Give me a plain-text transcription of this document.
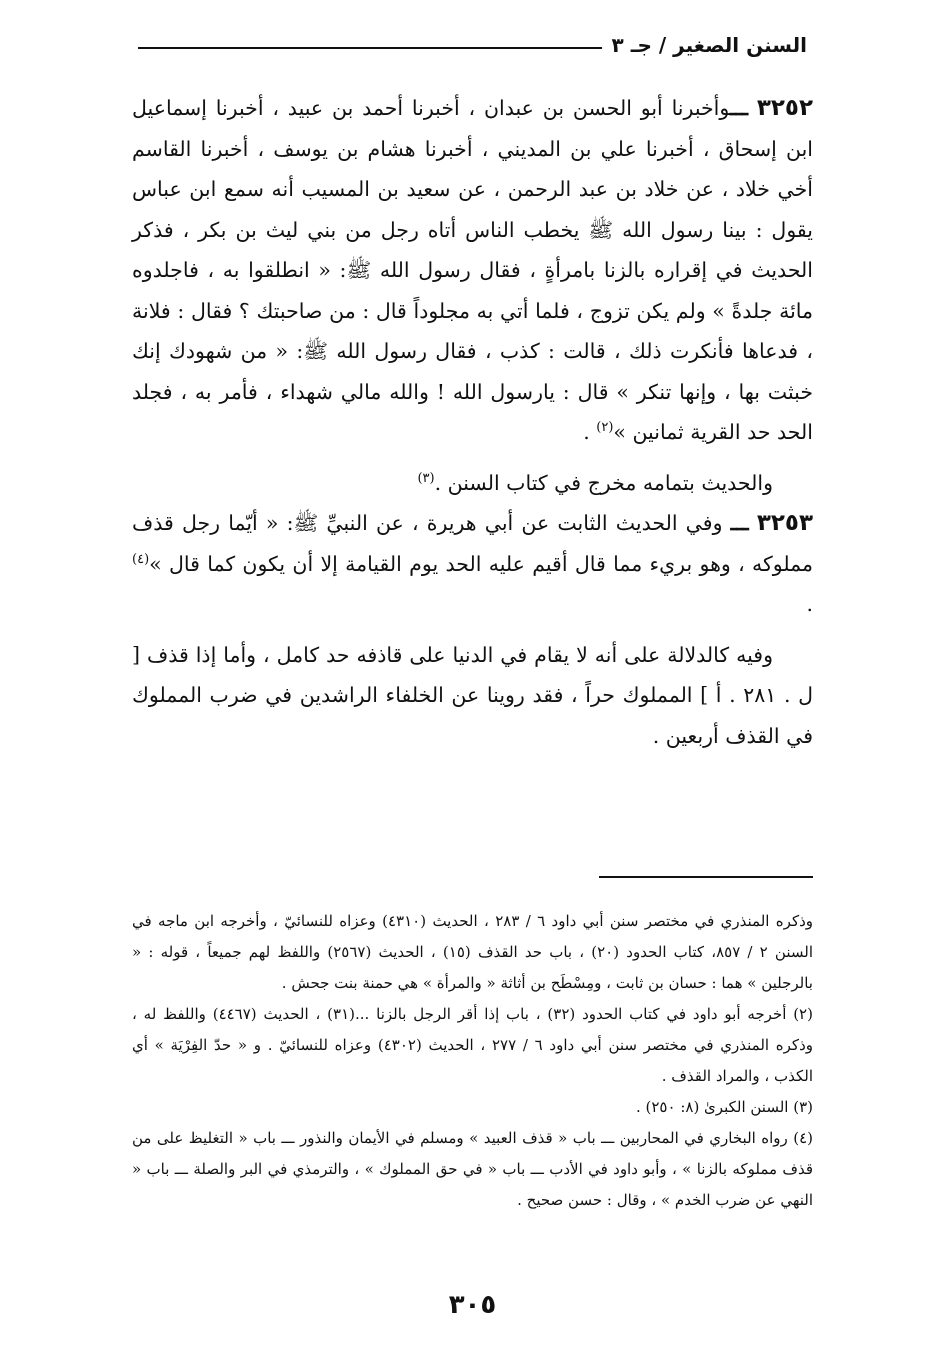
السنن الصغير / جـ ٣

٣٢٥٢ ـــوأخبرنا أبو الحسن بن عبدان ، أخبرنا أحمد بن عبيد ، أخبرنا إسماعيل ابن إسحاق ، أخبرنا علي بن المديني ، أخبرنا هشام بن يوسف ، أخبرنا القاسم أخي خلاد ، عن خلاد بن عبد الرحمن ، عن سعيد بن المسيب أنه سمع ابن عباس يقول : بينا رسول الله ﷺ يخطب الناس أتاه رجل من بني ليث بن بكر ، فذكر الحديث في إقراره بالزنا بامرأةٍ ، فقال رسول الله ﷺ: « انطلقوا به ، فاجلدوه مائة جلدةً » ولم يكن تزوج ، فلما أتي به مجلوداً قال : من صاحبتك ؟ فقال : فلانة ، فدعاها فأنكرت ذلك ، قالت : كذب ، فقال رسول الله ﷺ: « من شهودك إنك خبثت بها ، وإنها تنكر » قال : يارسول الله ! والله مالي شهداء ، فأمر به ، فجلد الحد حد القرية ثمانين »$^{(٢)}$ .

والحديث بتمامه مخرج في كتاب السنن .$^{(٣)}$

٣٢٥٣ ـــ وفي الحديث الثابت عن أبي هريرة ، عن النبيِّ ﷺ: « أيّما رجل قذف مملوكه ، وهو بريء مما قال أقيم عليه الحد يوم القيامة إلا أن يكون كما قال »$^{(٤)}$ .

وفيه كالدلالة على أنه لا يقام في الدنيا على قاذفه حد كامل ، وأما إذا قذف [ ل . ٢٨١ . أ ] المملوك حراً ، فقد روينا عن الخلفاء الراشدين في ضرب المملوك في القذف أربعين .

وذكره المنذري في مختصر سنن أبي داود ٦ / ٢٨٣ ، الحديث (٤٣١٠) وعزاه للنسائيّ ، وأخرجه ابن ماجه في السنن ٢ / ٨٥٧، كتاب الحدود (٢٠) ، باب حد القذف (١٥) ، الحديث (٢٥٦٧) واللفظ لهم جميعاً ، قوله : « بالرجلين » هما : حسان بن ثابت ، ومِسْطَح بن أثاثة « والمرأة » هي حمنة بنت جحش .

(٢) أخرجه أبو داود في كتاب الحدود (٣٢) ، باب إذا أقر الرجل بالزنا ...(٣١) ، الحديث (٤٤٦٧) واللفظ له ، وذكره المنذري في مختصر سنن أبي داود ٦ / ٢٧٧ ، الحديث (٤٣٠٢) وعزاه للنسائيّ . و « حدّ الفِرْيَة » أي الكذب ، والمراد القذف .

(٣) السنن الكبرىٰ (٨: ٢٥٠) .

(٤) رواه البخاري في المحاربين ـــ باب « قذف العبيد » ومسلم في الأيمان والنذور ـــ باب « التغليظ على من قذف مملوكه بالزنا » ، وأبو داود في الأدب ـــ باب « في حق المملوك » ، والترمذي في البر والصلة ـــ باب « النهي عن ضرب الخدم » ، وقال : حسن صحيح .

٣٠٥
